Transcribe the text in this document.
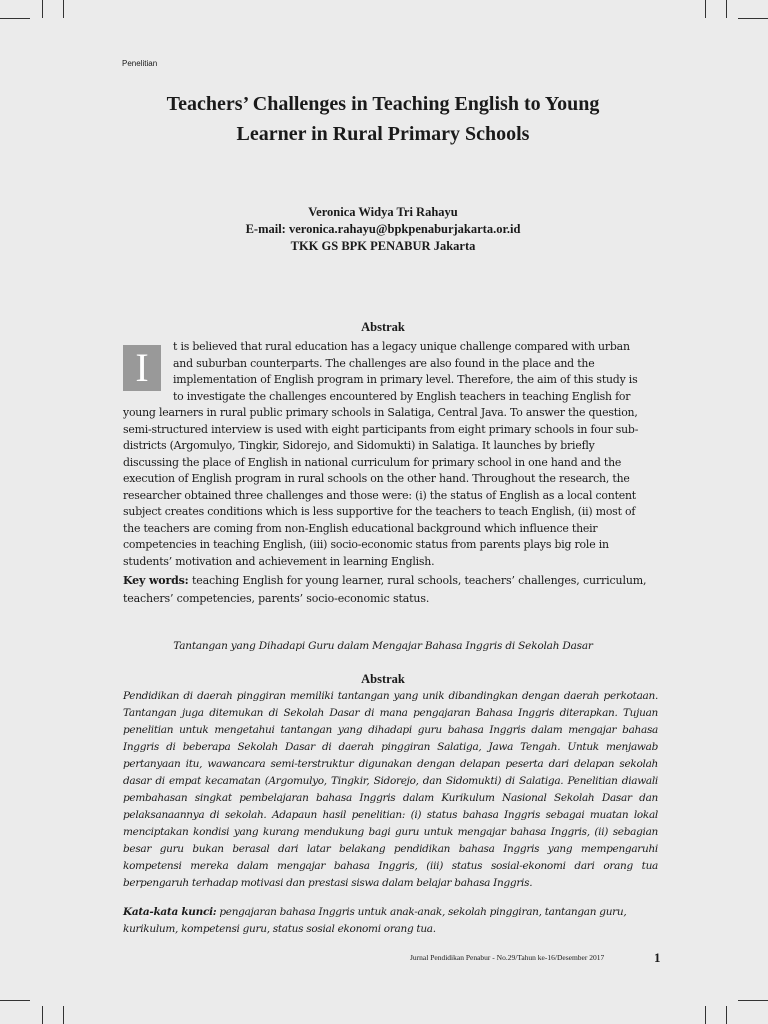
Penelitian
Teachers’ Challenges in Teaching English to Young
Learner in Rural Primary Schools
Veronica Widya Tri Rahayu
E-mail: veronica.rahayu@bpkpenaburjakarta.or.id
TKK GS BPK PENABUR Jakarta
Abstrak
I	t is believed that rural education has a legacy unique challenge compared with urban and suburban counterparts. The challenges are also found in the place and the implementation of English program in primary level. Therefore, the aim of this study is to investigate the challenges encountered by English teachers in teaching English for young learners in rural public primary schools in Salatiga, Central Java. To answer the question, semi-structured interview is used with eight participants from eight primary schools in four sub-districts (Argomulyo, Tingkir, Sidorejo, and Sidomukti) in Salatiga. It launches by briefly discussing the place of English in national curriculum for primary school in one hand and the execution of English program in rural schools on the other hand. Throughout the research, the researcher obtained three challenges and those were: (i) the status of English as a local content subject creates conditions which is less supportive for the teachers to teach English, (ii) most of the teachers are coming from non-English educational background which influence their competencies in teaching English, (iii) socio-economic status from parents plays big role in students’ motivation and achievement in learning English.
Key words: teaching English for young learner, rural schools, teachers’ challenges, curriculum, teachers’ competencies, parents’ socio-economic status.
Tantangan yang Dihadapi Guru dalam Mengajar Bahasa Inggris di Sekolah Dasar
Abstrak
Pendidikan di daerah pinggiran memiliki tantangan yang unik dibandingkan dengan daerah perkotaan. Tantangan juga ditemukan di Sekolah Dasar di mana pengajaran Bahasa Inggris diterapkan. Tujuan penelitian untuk mengetahui tantangan yang dihadapi guru bahasa Inggris dalam mengajar bahasa Inggris di beberapa Sekolah Dasar di daerah pinggiran Salatiga, Jawa Tengah. Untuk menjawab pertanyaan itu, wawancara semi-terstruktur digunakan dengan delapan peserta dari delapan sekolah dasar di empat kecamatan (Argomulyo, Tingkir, Sidorejo, dan Sidomukti) di Salatiga. Penelitian diawali pembahasan singkat pembelajaran bahasa Inggris dalam Kurikulum Nasional Sekolah Dasar dan pelaksanaannya di sekolah. Adapaun hasil penelitian: (i) status bahasa Inggris sebagai muatan lokal menciptakan kondisi yang kurang mendukung bagi guru untuk mengajar bahasa Inggris, (ii) sebagian besar guru bukan berasal dari latar belakang pendidikan bahasa Inggris yang mempengaruhi kompetensi mereka dalam mengajar bahasa Inggris, (iii) status sosial-ekonomi dari orang tua berpengaruh terhadap motivasi dan prestasi siswa dalam belajar bahasa Inggris.
Kata-kata kunci: pengajaran bahasa Inggris untuk anak-anak, sekolah pinggiran, tantangan guru, kurikulum, kompetensi guru, status sosial ekonomi orang tua.
Jurnal Pendidikan Penabur - No.29/Tahun ke-16/Desember 2017	1
